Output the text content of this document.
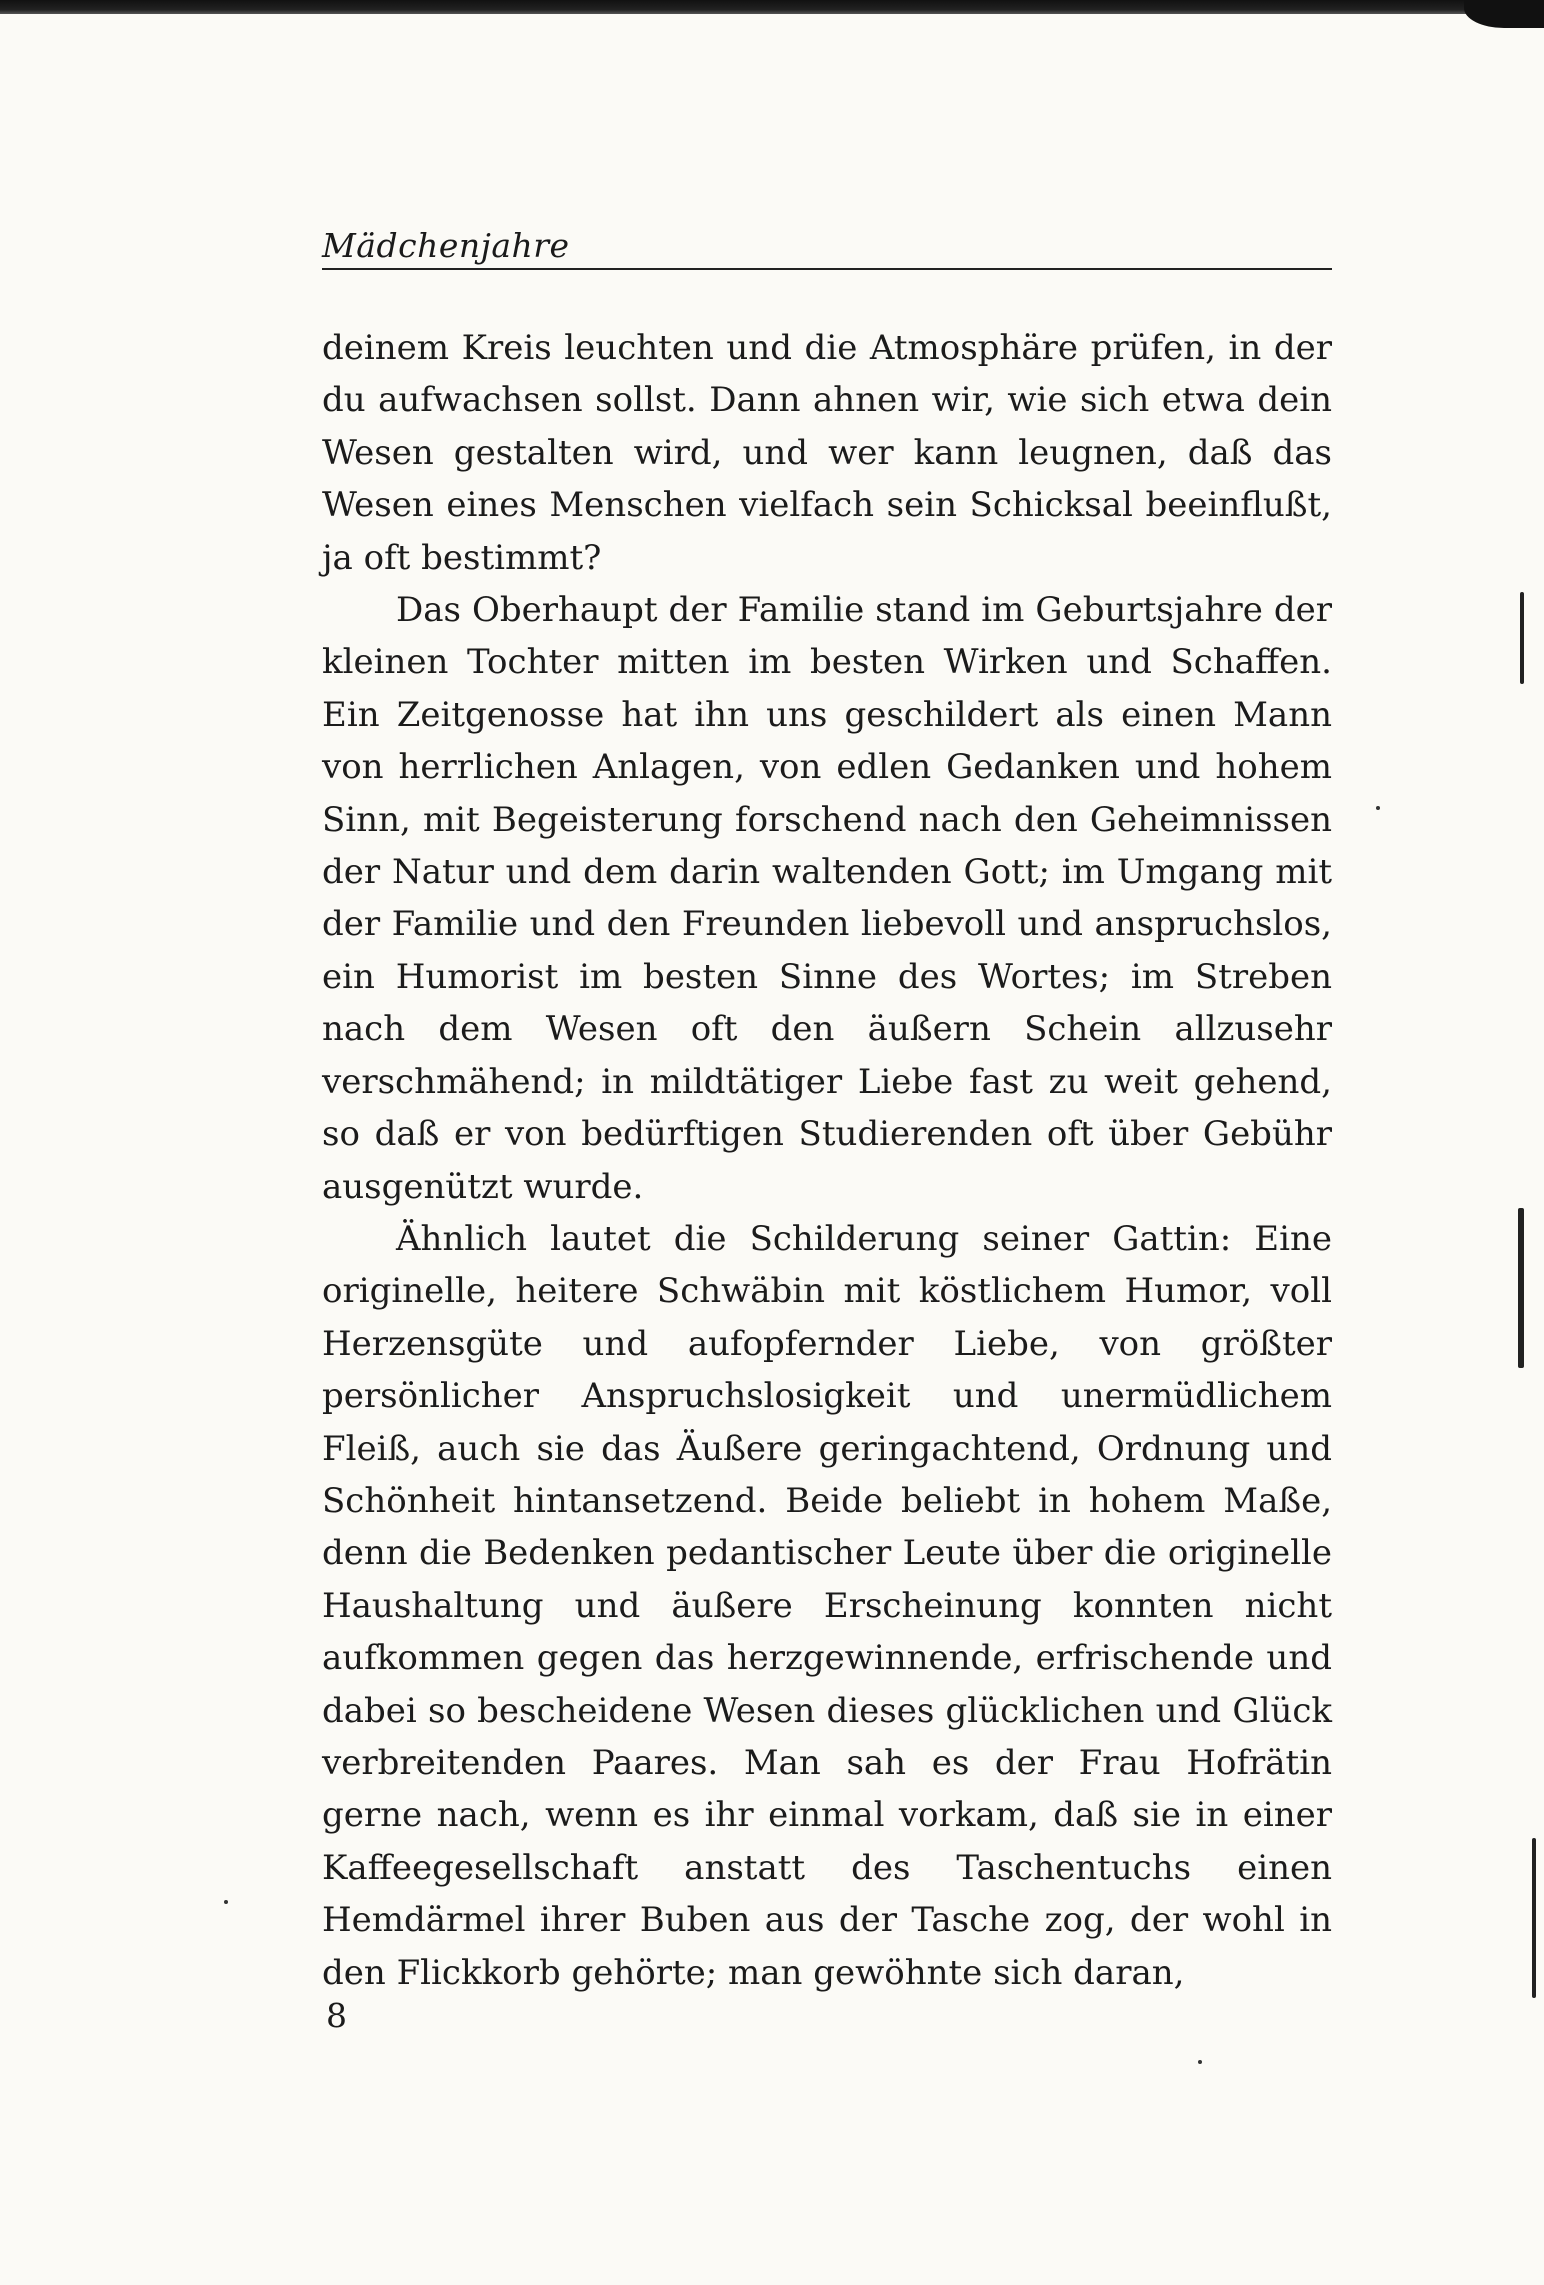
Mädchenjahre

deinem Kreis leuchten und die Atmosphäre prüfen, in der du aufwachsen sollst. Dann ahnen wir, wie sich etwa dein Wesen gestalten wird, und wer kann leugnen, daß das Wesen eines Menschen vielfach sein Schicksal beeinflußt, ja oft bestimmt?

Das Oberhaupt der Familie stand im Geburtsjahre der kleinen Tochter mitten im besten Wirken und Schaffen. Ein Zeitgenosse hat ihn uns geschildert als einen Mann von herrlichen Anlagen, von edlen Gedanken und hohem Sinn, mit Begeisterung forschend nach den Geheimnissen der Natur und dem darin waltenden Gott; im Umgang mit der Familie und den Freunden liebevoll und anspruchslos, ein Humorist im besten Sinne des Wortes; im Streben nach dem Wesen oft den äußern Schein allzusehr verschmähend; in mildtätiger Liebe fast zu weit gehend, so daß er von bedürftigen Studierenden oft über Gebühr ausgenützt wurde.

Ähnlich lautet die Schilderung seiner Gattin: Eine originelle, heitere Schwäbin mit köstlichem Humor, voll Herzensgüte und aufopfernder Liebe, von größter persönlicher Anspruchslosigkeit und unermüdlichem Fleiß, auch sie das Äußere geringachtend, Ordnung und Schönheit hintansetzend. Beide beliebt in hohem Maße, denn die Bedenken pedantischer Leute über die originelle Haushaltung und äußere Erscheinung konnten nicht aufkommen gegen das herzgewinnende, erfrischende und dabei so bescheidene Wesen dieses glücklichen und Glück verbreitenden Paares. Man sah es der Frau Hofrätin gerne nach, wenn es ihr einmal vorkam, daß sie in einer Kaffeegesellschaft anstatt des Taschentuchs einen Hemdärmel ihrer Buben aus der Tasche zog, der wohl in den Flickkorb gehörte; man gewöhnte sich daran,

8
